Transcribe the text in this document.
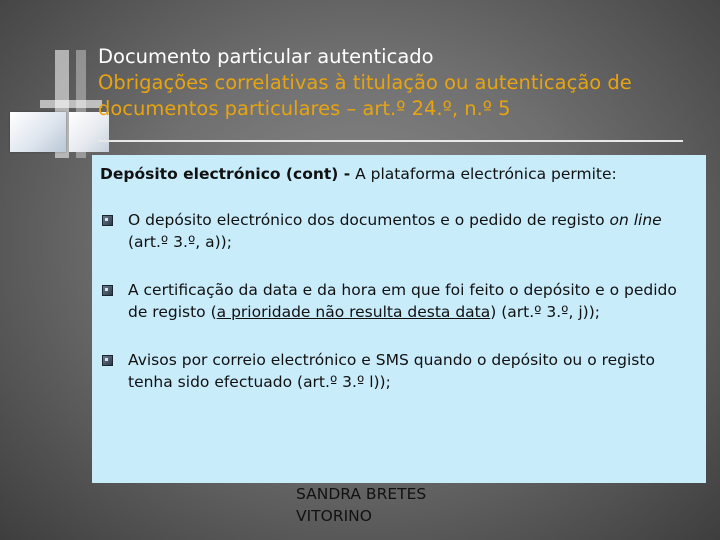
Documento particular autenticado
Obrigações correlativas à titulação ou autenticação de documentos particulares – art.º 24.º, n.º 5
Depósito electrónico (cont) - A plataforma electrónica permite:
O depósito electrónico dos documentos e o pedido de registo on line (art.º 3.º, a));
A certificação da data e da hora em que foi feito o depósito e o pedido de registo (a prioridade não resulta desta data) (art.º 3.º, j));
Avisos por correio electrónico e SMS quando o depósito ou o registo tenha sido efectuado (art.º 3.º l));
SANDRA BRETES
VITORINO
